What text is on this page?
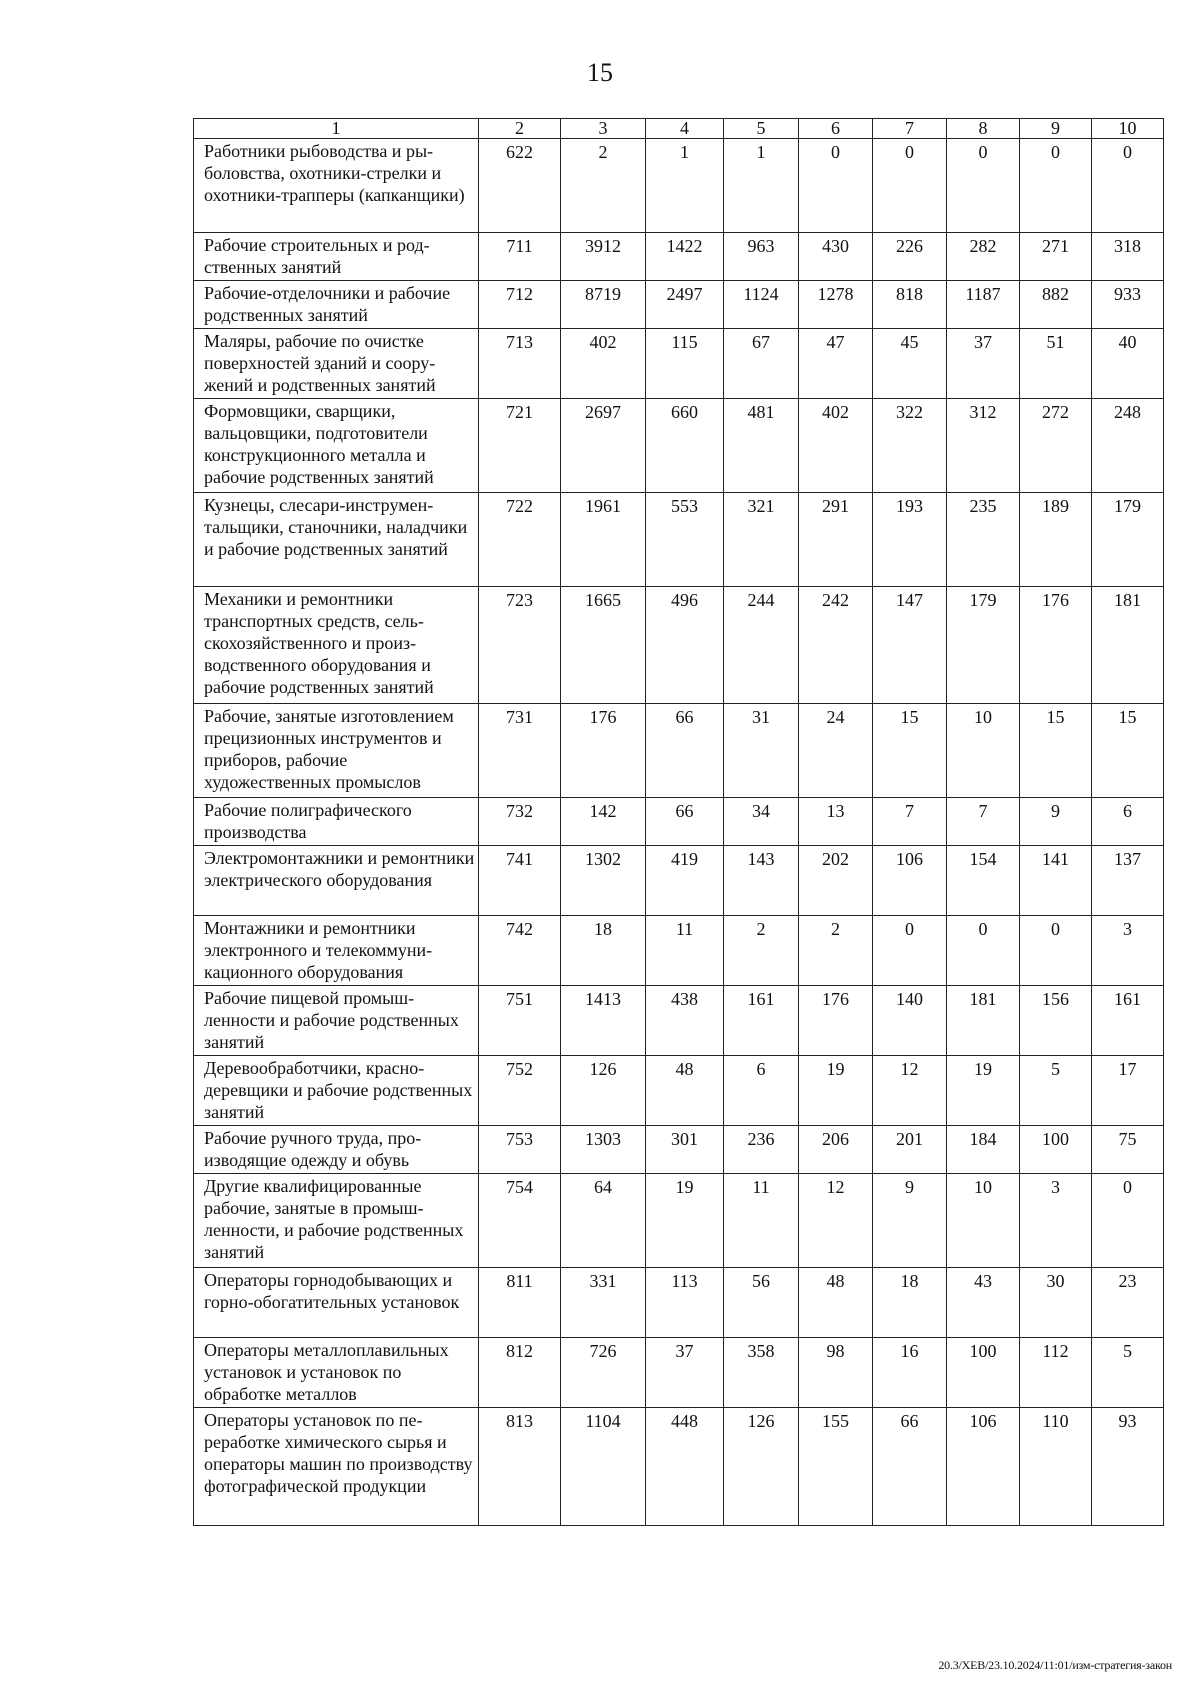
15
1	2	3	4	5	6	7	8	9	10
Работники рыбоводства и рыболовства, охотники-стрелки и охотники-трапперы (капканщики)	622	2	1	1	0	0	0	0	0
Рабочие строительных и родственных занятий	711	3912	1422	963	430	226	282	271	318
Рабочие-отделочники и рабочие родственных занятий	712	8719	2497	1124	1278	818	1187	882	933
Маляры, рабочие по очистке поверхностей зданий и сооружений и родственных занятий	713	402	115	67	47	45	37	51	40
Формовщики, сварщики, вальцовщики, подготовители конструкционного металла и рабочие родственных занятий	721	2697	660	481	402	322	312	272	248
Кузнецы, слесари-инструментальщики, станочники, наладчики и рабочие родственных занятий	722	1961	553	321	291	193	235	189	179
Механики и ремонтники транспортных средств, сельскохозяйственного и производственного оборудования и рабочие родственных занятий	723	1665	496	244	242	147	179	176	181
Рабочие, занятые изготовлением прецизионных инструментов и приборов, рабочие художественных промыслов	731	176	66	31	24	15	10	15	15
Рабочие полиграфического производства	732	142	66	34	13	7	7	9	6
Электромонтажники и ремонтники электрического оборудования	741	1302	419	143	202	106	154	141	137
Монтажники и ремонтники электронного и телекоммуникационного оборудования	742	18	11	2	2	0	0	0	3
Рабочие пищевой промышленности и рабочие родственных занятий	751	1413	438	161	176	140	181	156	161
Деревообработчики, краснодеревщики и рабочие родственных занятий	752	126	48	6	19	12	19	5	17
Рабочие ручного труда, производящие одежду и обувь	753	1303	301	236	206	201	184	100	75
Другие квалифицированные рабочие, занятые в промышленности, и рабочие родственных занятий	754	64	19	11	12	9	10	3	0
Операторы горнодобывающих и горно-обогатительных установок	811	331	113	56	48	18	43	30	23
Операторы металлоплавильных установок и установок по обработке металлов	812	726	37	358	98	16	100	112	5
Операторы установок по переработке химического сырья и операторы машин по производству фотографической продукции	813	1104	448	126	155	66	106	110	93
20.3/ХЕВ/23.10.2024/11:01/изм-стратегия-закон
